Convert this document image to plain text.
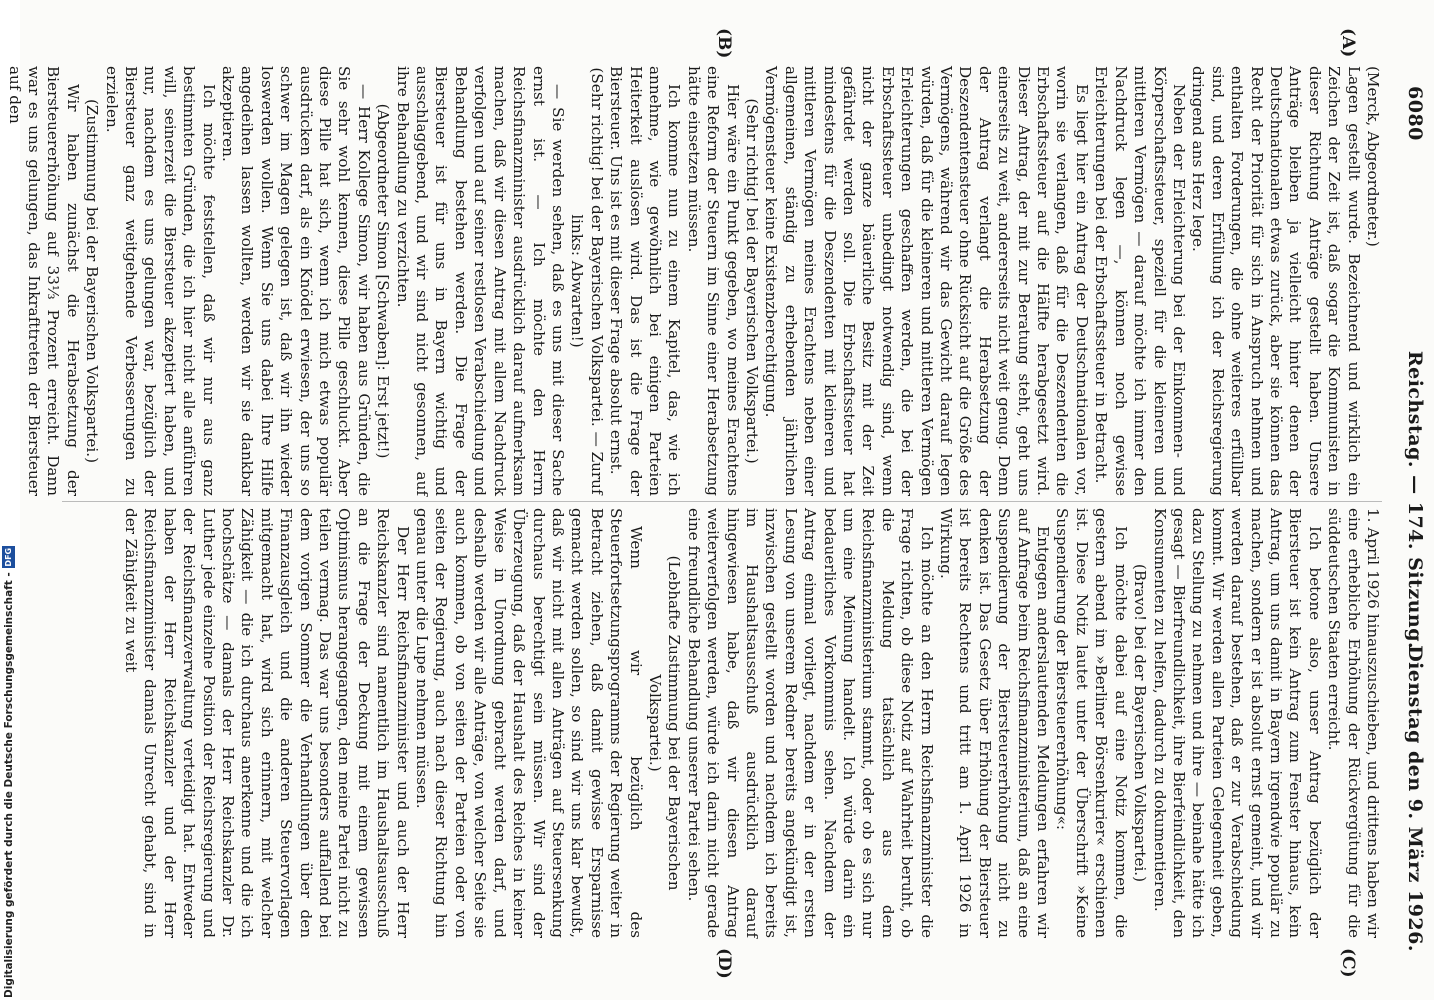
Digitalisierung gefördert durch die Deutsche Forschungsgemeinschaft -
DFG
6080
Reichstag. — 174. Sitzung.
Dienstag den 9. März 1926.
(A)
(B)
(C)
(D)

(Merck, Abgeordneter.)

Lagen gestellt wurde. Bezeichnend und wirklich ein Zeichen der Zeit ist, daß sogar die Kommunisten in dieser Richtung Anträge gestellt haben. Unsere Anträge bleiben ja vielleicht hinter denen der Deutschnationalen etwas zurück, aber sie können das Recht der Priorität für sich in Anspruch nehmen und enthalten Forderungen, die ohne weiteres erfüllbar sind, und deren Erfüllung ich der Reichsregierung dringend ans Herz lege.

Neben der Erleichterung bei der Einkommen- und Körperschaftssteuer, speziell für die kleineren und mittleren Vermögen — darauf möchte ich immer den Nachdruck legen —, können noch gewisse Erleichterungen bei der Erbschaftssteuer in Betracht.

Es liegt hier ein Antrag der Deutschnationalen vor, worin sie verlangen, daß für die Deszendenten die Erbschaftssteuer auf die Hälfte herabgesetzt wird. Dieser Antrag, der mit zur Beratung steht, geht uns einerseits zu weit, andererseits nicht weit genug. Denn der Antrag verlangt die Herabsetzung der Deszendentensteuer ohne Rücksicht auf die Größe des Vermögens, während wir das Gewicht darauf legen würden, daß für die kleineren und mittleren Vermögen Erleichterungen geschaffen werden, die bei der Erbschaftssteuer unbedingt notwendig sind, wenn nicht der ganze bäuerliche Besitz mit der Zeit gefährdet werden soll. Die Erbschaftssteuer hat mindestens für die Deszendenten mit kleineren und mittleren Vermögen meines Erachtens neben einer allgemeinen, ständig zu erhebenden jährlichen Vermögensteuer keine Existenzberechtigung.

(Sehr richtig! bei der Bayerischen Volkspartei.)

Hier wäre ein Punkt gegeben, wo meines Erachtens eine Reform der Steuern im Sinne einer Herabsetzung hätte einsetzen müssen.

Ich komme nun zu einem Kapitel, das, wie ich annehme, wie gewöhnlich bei einigen Parteien Heiterkeit auslösen wird. Das ist die Frage der Biersteuer. Uns ist es mit dieser Frage absolut ernst.

(Sehr richtig! bei der Bayerischen Volkspartei. — Zuruf links: Abwarten!)

— Sie werden sehen, daß es uns mit dieser Sache ernst ist. — Ich möchte den Herrn Reichsfinanzminister ausdrücklich darauf aufmerksam machen, daß wir diesen Antrag mit allem Nachdruck verfolgen und auf seiner restlosen Verabschiedung und Behandlung bestehen werden. Die Frage der Biersteuer ist für uns in Bayern wichtig und ausschlaggebend, und wir sind nicht gesonnen, auf ihre Behandlung zu verzichten.

(Abgeordneter Simon [Schwaben]: Erst jetzt!)

— Herr Kollege Simon, wir haben aus Gründen, die Sie sehr wohl kennen, diese Pille geschluckt. Aber diese Pille hat sich, wenn ich mich etwas populär ausdrücken darf, als ein Knödel erwiesen, der uns so schwer im Magen gelegen ist, daß wir ihn wieder loswerden wollen. Wenn Sie uns dabei Ihre Hilfe angedeihen lassen wollten, werden wir sie dankbar akzeptieren.

Ich möchte feststellen, daß wir nur aus ganz bestimmten Gründen, die ich hier nicht alle anführen will, seinerzeit die Biersteuer akzeptiert haben, und nur, nachdem es uns gelungen war, bezüglich der Biersteuer ganz weitgehende Verbesserungen zu erzielen.

(Zustimmung bei der Bayerischen Volkspartei.)

Wir haben zunächst die Herabsetzung der Biersteuererhöhung auf 33⅓ Prozent erreicht. Dann war es uns gelungen, das Inkrafttreten der Biersteuer auf den

1. April 1926 hinauszuschieben, und drittens haben wir eine erhebliche Erhöhung der Rückvergütung für die süddeutschen Staaten erreicht.

Ich betone also, unser Antrag bezüglich der Biersteuer ist kein Antrag zum Fenster hinaus, kein Antrag, um uns damit in Bayern irgendwie populär zu machen, sondern er ist absolut ernst gemeint, und wir werden darauf bestehen, daß er zur Verabschiedung kommt. Wir werden allen Parteien Gelegenheit geben, dazu Stellung zu nehmen und ihre — beinahe hätte ich gesagt — Bierfreundlichkeit, ihre Bierfeindlichkeit, den Konsumenten zu helfen, dadurch zu dokumentieren.

(Bravo! bei der Bayerischen Volkspartei.)

Ich möchte dabei auf eine Notiz kommen, die gestern abend im »Berliner Börsenkurier« erschienen ist. Diese Notiz lautet unter der Überschrift »Keine Suspendierung der Biersteuererhöhung«:

Entgegen anderslautenden Meldungen erfahren wir auf Anfrage beim Reichsfinanzministerium, daß an eine Suspendierung der Biersteuererhöhung nicht zu denken ist. Das Gesetz über Erhöhung der Biersteuer ist bereits Rechtens und tritt am 1. April 1926 in Wirkung.

Ich möchte an den Herrn Reichsfinanzminister die Frage richten, ob diese Notiz auf Wahrheit beruht, ob die Meldung tatsächlich aus dem Reichsfinanzministerium stammt, oder ob es sich nur um eine Meinung handelt. Ich würde darin ein bedauerliches Vorkommnis sehen. Nachdem der Antrag einmal vorliegt, nachdem er in der ersten Lesung von unserem Redner bereits angekündigt ist, inzwischen gestellt worden und nachdem ich bereits im Haushaltsausschuß ausdrücklich darauf hingewiesen habe, daß wir diesen Antrag weiterverfolgen werden, würde ich darin nicht gerade eine freundliche Behandlung unserer Partei sehen.

(Lebhafte Zustimmung bei der Bayerischen Volkspartei.)

Wenn wir bezüglich des Steuerfortsetzungsprogramms der Regierung weiter in Betracht ziehen, daß damit gewisse Ersparnisse gemacht werden sollen, so sind wir uns klar bewußt, daß wir nicht mit allen Anträgen auf Steuersenkung durchaus berechtigt sein müssen. Wir sind der Überzeugung, daß der Haushalt des Reiches in keiner Weise in Unordnung gebracht werden darf, und deshalb werden wir alle Anträge, von welcher Seite sie auch kommen, ob von seiten der Parteien oder von seiten der Regierung, auch nach dieser Richtung hin genau unter die Lupe nehmen müssen.

Der Herr Reichsfinanzminister und auch der Herr Reichskanzler sind namentlich im Haushaltsausschuß an die Frage der Deckung mit einem gewissen Optimismus herangegangen, den meine Partei nicht zu teilen vermag. Das war uns besonders auffallend bei dem vorigen Sommer die Verhandlungen über den Finanzausgleich und die anderen Steuervorlagen mitgemacht hat, wird sich erinnern, mit welcher Zähigkeit — die ich durchaus anerkenne und die ich hochschätze — damals der Herr Reichskanzler Dr. Luther jede einzelne Position der Reichsregierung und der Reichsfinanzverwaltung verteidigt hat. Entweder haben der Herr Reichskanzler und der Herr Reichsfinanzminister damals Unrecht gehabt, sind in der Zähigkeit zu weit
